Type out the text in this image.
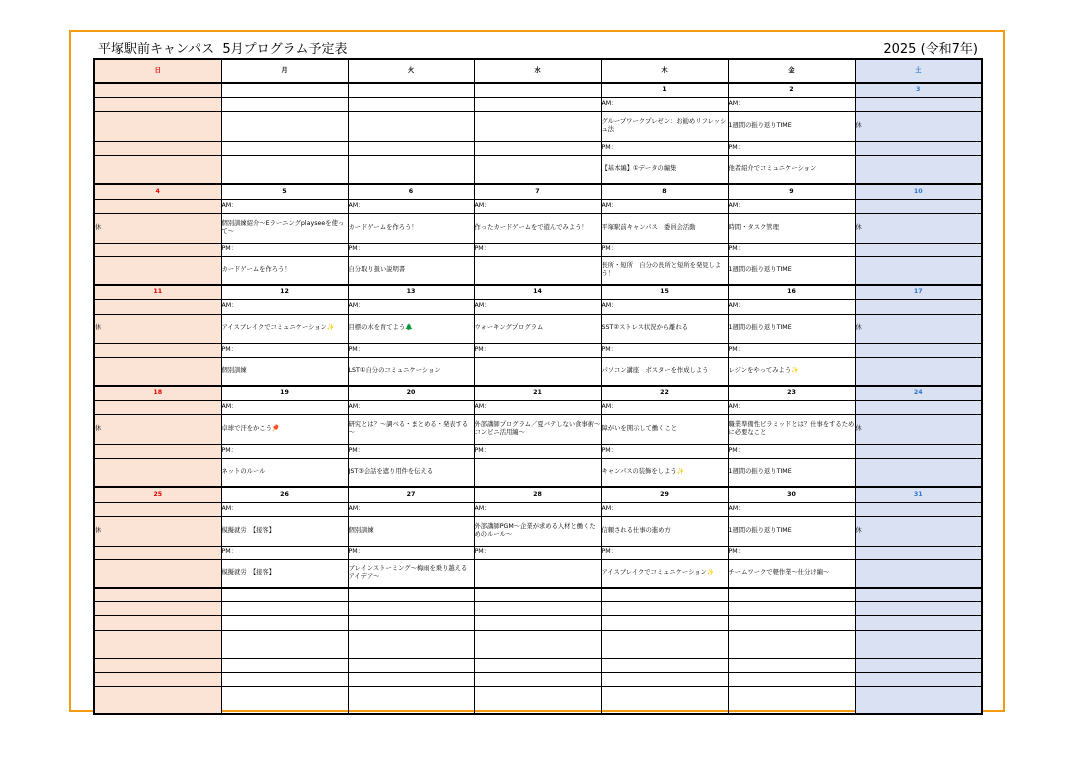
平塚駅前キャンパス  5月プログラム予定表	2025 (令和7年)
日	月	火	水	木	金	土
				1	2	3
				AM：	AM：	
				グループワークプレゼン：お勧めリフレッシュ法	1週間の振り返りTIME	休
				PM：	PM：	
				【基本編】①データの編集	他者紹介でコミュニケーション	
4	5	6	7	8	9	10
	AM：	AM：	AM：	AM：	AM：	
休	個別訓練紹介～Eラーニングplayseeを使って～	カードゲームを作ろう！	作ったカードゲームをで遊んでみよう！	平塚駅前キャンパス　委員会活動	時間・タスク管理	休
	PM：	PM：	PM：	PM：	PM：	
	カードゲームを作ろう！	自分取り扱い説明書		長所・短所　自分の長所と短所を発見しよう！	1週間の振り返りTIME	
11	12	13	14	15	16	17
	AM：	AM：	AM：	AM：	AM：	
休	アイスブレイクでコミュニケーション✨	目標の木を育てよう🌲	ウォーキングプログラム	SST②ストレス状況から離れる	1週間の振り返りTIME	休
	PM：	PM：	PM：	PM：	PM：	
	個別訓練	LST①自分のコミュニケーション		パソコン講座　ポスターを作成しよう	レジンをやってみよう✨	
18	19	20	21	22	23	24
	AM：	AM：	AM：	AM：	AM：	
休	卓球で汗をかこう🏓	研究とは？～調べる・まとめる・発表する～	外部講師プログラム／夏バテしない食事術～コンビニ活用編～	障がいを開示して働くこと	職業準備性ピラミッドとは？仕事をするために必要なこと	休
	PM：	PM：	PM：	PM：	PM：	
	ネットのルール	JST③会話を遮り用件を伝える		キャンパスの装飾をしよう✨	1週間の振り返りTIME	
25	26	27	28	29	30	31
	AM：	AM：	AM：	AM：	AM：	
休	模擬就労　【接客】	個別訓練	外部講師PGM～企業が求める人材と働くためのルール～	信頼される仕事の進め方	1週間の振り返りTIME	休
	PM：	PM：	PM：	PM：	PM：	
	模擬就労　【接客】	ブレインストーミング～梅雨を乗り越えるアイデア～		アイスブレイクでコミュニケーション✨	チームワークで軽作業～仕分け編～	
